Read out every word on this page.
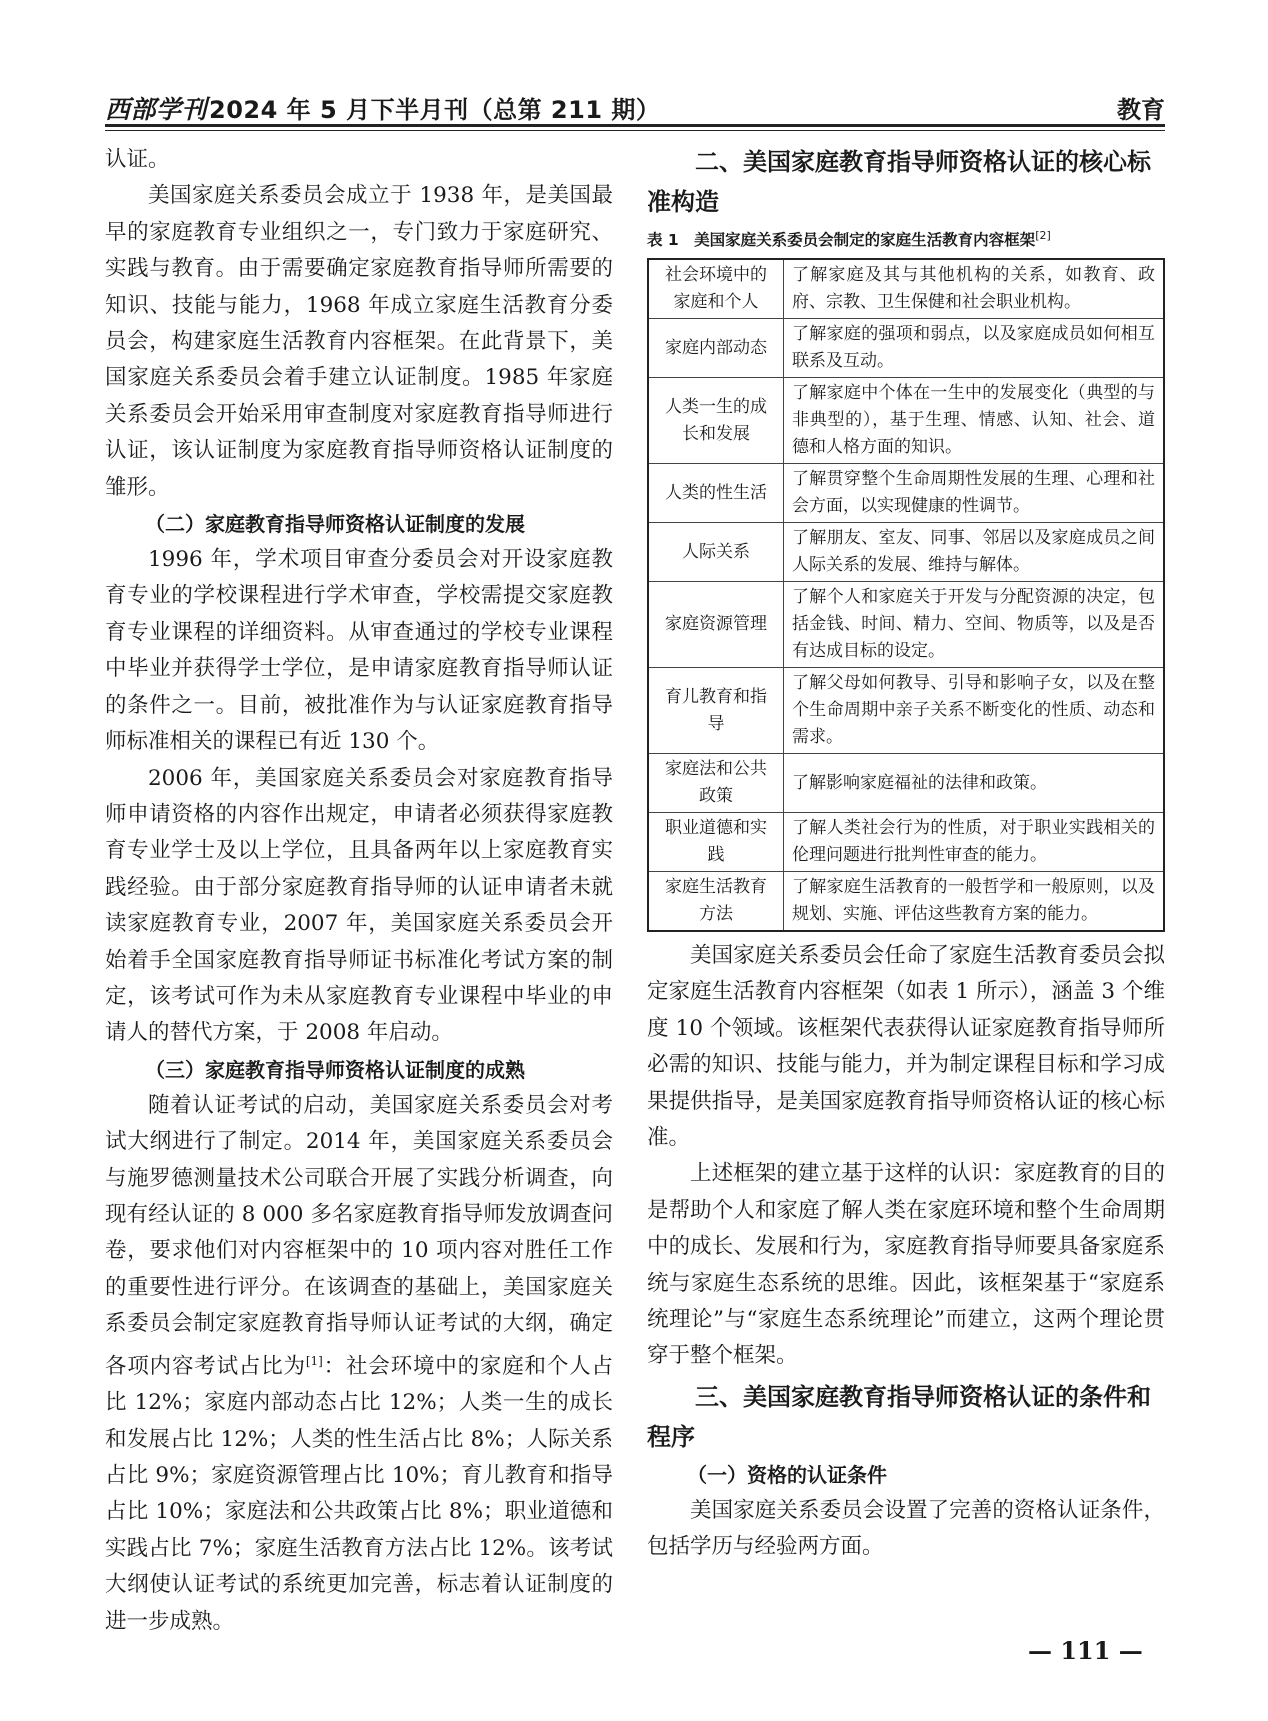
西部学刊2024 年 5 月下半月刊（总第 211 期）	教育

认证。

美国家庭关系委员会成立于 1938 年，是美国最早的家庭教育专业组织之一，专门致力于家庭研究、实践与教育。由于需要确定家庭教育指导师所需要的知识、技能与能力，1968 年成立家庭生活教育分委员会，构建家庭生活教育内容框架。在此背景下，美国家庭关系委员会着手建立认证制度。1985 年家庭关系委员会开始采用审查制度对家庭教育指导师进行认证，该认证制度为家庭教育指导师资格认证制度的雏形。

（二）家庭教育指导师资格认证制度的发展

1996 年，学术项目审查分委员会对开设家庭教育专业的学校课程进行学术审查，学校需提交家庭教育专业课程的详细资料。从审查通过的学校专业课程中毕业并获得学士学位，是申请家庭教育指导师认证的条件之一。目前，被批准作为与认证家庭教育指导师标准相关的课程已有近 130 个。

2006 年，美国家庭关系委员会对家庭教育指导师申请资格的内容作出规定，申请者必须获得家庭教育专业学士及以上学位，且具备两年以上家庭教育实践经验。由于部分家庭教育指导师的认证申请者未就读家庭教育专业，2007 年，美国家庭关系委员会开始着手全国家庭教育指导师证书标准化考试方案的制定，该考试可作为未从家庭教育专业课程中毕业的申请人的替代方案，于 2008 年启动。

（三）家庭教育指导师资格认证制度的成熟

随着认证考试的启动，美国家庭关系委员会对考试大纲进行了制定。2014 年，美国家庭关系委员会与施罗德测量技术公司联合开展了实践分析调查，向现有经认证的 8 000 多名家庭教育指导师发放调查问卷，要求他们对内容框架中的 10 项内容对胜任工作的重要性进行评分。在该调查的基础上，美国家庭关系委员会制定家庭教育指导师认证考试的大纲，确定各项内容考试占比为[1]：社会环境中的家庭和个人占比 12%；家庭内部动态占比 12%；人类一生的成长和发展占比 12%；人类的性生活占比 8%；人际关系占比 9%；家庭资源管理占比 10%；育儿教育和指导占比 10%；家庭法和公共政策占比 8%；职业道德和实践占比 7%；家庭生活教育方法占比 12%。该考试大纲使认证考试的系统更加完善，标志着认证制度的进一步成熟。

二、美国家庭教育指导师资格认证的核心标准构造
表 1　美国家庭关系委员会制定的家庭生活教育内容框架[2]
社会环境中的家庭和个人	了解家庭及其与其他机构的关系，如教育、政府、宗教、卫生保健和社会职业机构。
家庭内部动态	了解家庭的强项和弱点，以及家庭成员如何相互联系及互动。
人类一生的成长和发展	了解家庭中个体在一生中的发展变化（典型的与非典型的），基于生理、情感、认知、社会、道德和人格方面的知识。
人类的性生活	了解贯穿整个生命周期性发展的生理、心理和社会方面，以实现健康的性调节。
人际关系	了解朋友、室友、同事、邻居以及家庭成员之间人际关系的发展、维持与解体。
家庭资源管理	了解个人和家庭关于开发与分配资源的决定，包括金钱、时间、精力、空间、物质等，以及是否有达成目标的设定。
育儿教育和指导	了解父母如何教导、引导和影响子女，以及在整个生命周期中亲子关系不断变化的性质、动态和需求。
家庭法和公共政策	了解影响家庭福祉的法律和政策。
职业道德和实践	了解人类社会行为的性质，对于职业实践相关的伦理问题进行批判性审查的能力。
家庭生活教育方法	了解家庭生活教育的一般哲学和一般原则，以及规划、实施、评估这些教育方案的能力。

美国家庭关系委员会任命了家庭生活教育委员会拟定家庭生活教育内容框架（如表 1 所示），涵盖 3 个维度 10 个领域。该框架代表获得认证家庭教育指导师所必需的知识、技能与能力，并为制定课程目标和学习成果提供指导，是美国家庭教育指导师资格认证的核心标准。

上述框架的建立基于这样的认识：家庭教育的目的是帮助个人和家庭了解人类在家庭环境和整个生命周期中的成长、发展和行为，家庭教育指导师要具备家庭系统与家庭生态系统的思维。因此，该框架基于“家庭系统理论”与“家庭生态系统理论”而建立，这两个理论贯穿于整个框架。

三、美国家庭教育指导师资格认证的条件和程序
（一）资格的认证条件

美国家庭关系委员会设置了完善的资格认证条件，包括学历与经验两方面。

— 111 —
